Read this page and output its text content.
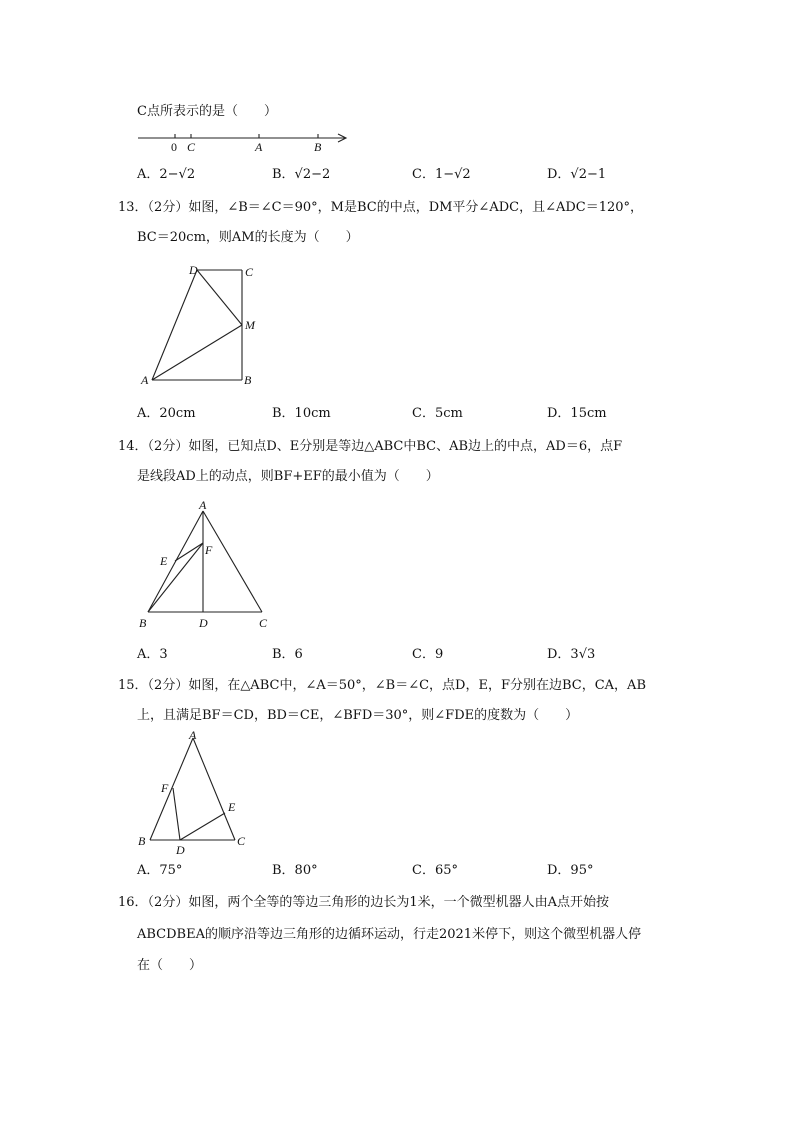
C点所表示的是（　　）
0 C	A	B
A．2−√2	B．√2−2	C．1−√2	D．√2−1
13．（2分）如图，∠B＝∠C＝90°，M是BC的中点，DM平分∠ADC，且∠ADC＝120°，
BC＝20cm，则AM的长度为（　　）
D	C
M
A	B
A．20cm	B．10cm	C．5cm	D．15cm
14．（2分）如图，已知点D、E分别是等边△ABC中BC、AB边上的中点，AD＝6，点F
是线段AD上的动点，则BF+EF的最小值为（　　）
A
E
F
B	D	C
A．3	B．6	C．9	D．3√3
15．（2分）如图，在△ABC中，∠A＝50°，∠B＝∠C，点D，E，F分别在边BC，CA，AB
上，且满足BF＝CD，BD＝CE，∠BFD＝30°，则∠FDE的度数为（　　）
A
F
E
B
D
C
A．75°	B．80°	C．65°	D．95°
16．（2分）如图，两个全等的等边三角形的边长为1米，一个微型机器人由A点开始按
ABCDBEA的顺序沿等边三角形的边循环运动，行走2021米停下，则这个微型机器人停
在（　　）
